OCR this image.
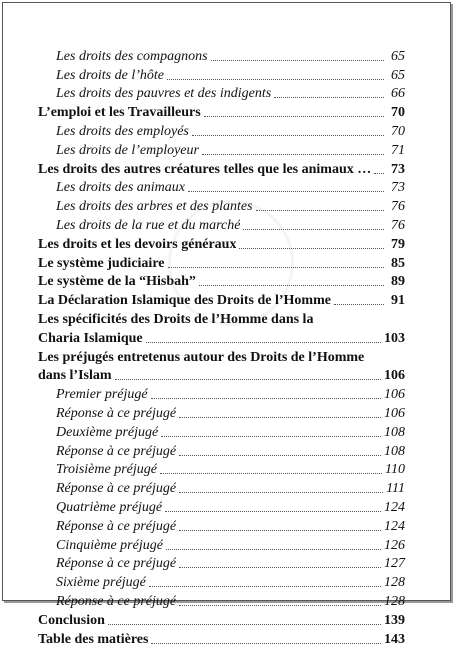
Les droits des compagnons	65
Les droits de l’hôte	65
Les droits des pauvres et des indigents	66
L’emploi et les Travailleurs	70
Les droits des employés	70
Les droits de l’employeur	71
Les droits des autres créatures telles que les animaux … 73
Les droits des animaux	73
Les droits des arbres et des plantes	76
Les droits de la rue et du marché	76
Les droits et les devoirs généraux	79
Le système judiciaire	85
Le système de la “Hisbah”	89
La Déclaration Islamique des Droits de l’Homme	91
Les spécificités des Droits de l’Homme dans la
Charia Islamique	103
Les préjugés entretenus autour des Droits de l’Homme
dans l’Islam	106
Premier préjugé	106
Réponse à ce préjugé	106
Deuxième préjugé	108
Réponse à ce préjugé	108
Troisième préjugé	110
Réponse à ce préjugé	111
Quatrième préjugé	124
Réponse à ce préjugé	124
Cinquième préjugé	126
Réponse à ce préjugé	127
Sixième préjugé	128
Réponse à ce préjugé	128
Conclusion	139
Table des matières	143
